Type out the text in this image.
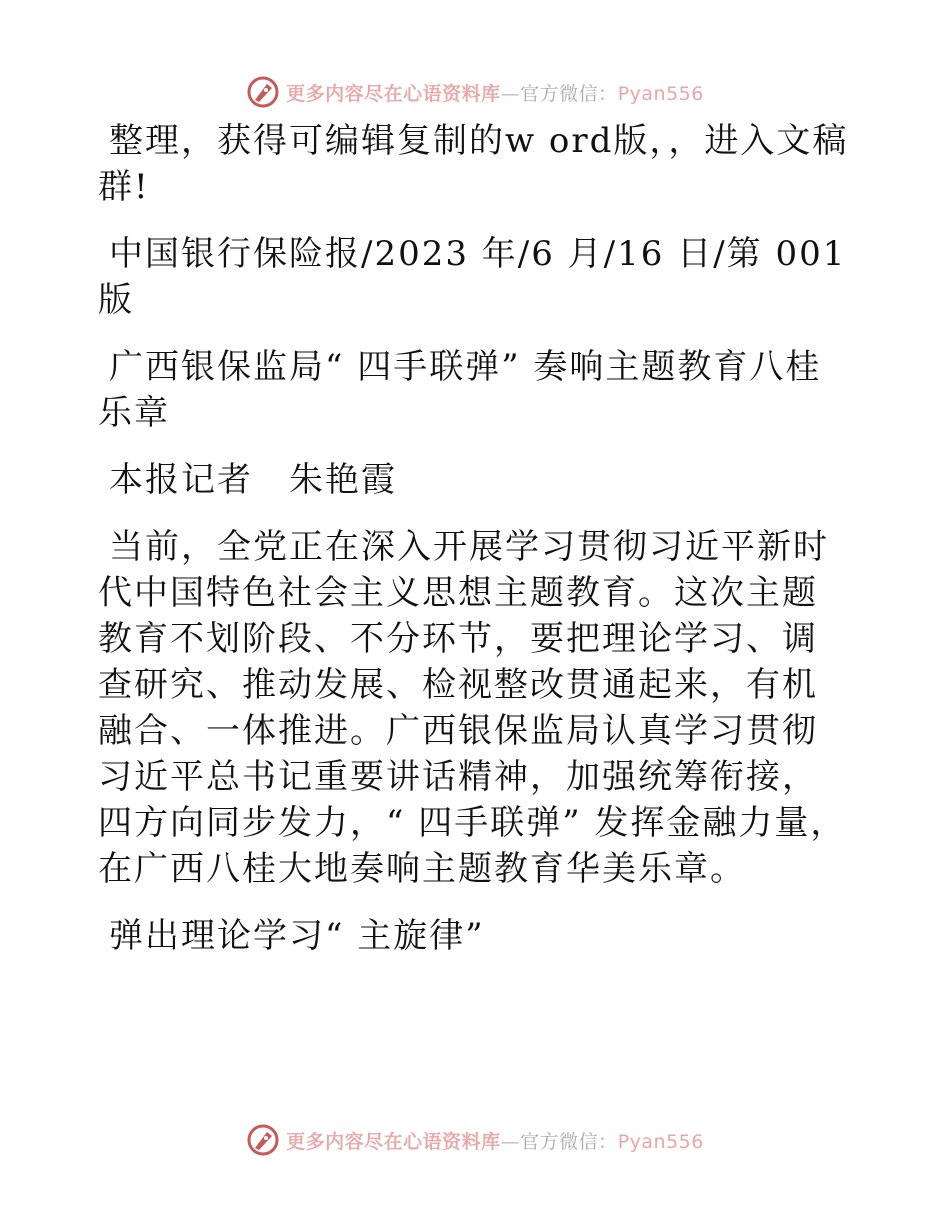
更多内容尽在心语资料库—官方微信：Pyan556

整理，获得可编辑复制的w ord版，，进入文稿群!

中国银行保险报/2023 年/6 月/16 日/第 001 版

广西银保监局“ 四手联弹” 奏响主题教育八桂乐章

本报记者　朱艳霞

当前，全党正在深入开展学习贯彻习近平新时代中国特色社会主义思想主题教育。这次主题教育不划阶段、不分环节，要把理论学习、调查研究、推动发展、检视整改贯通起来，有机融合、一体推进。广西银保监局认真学习贯彻习近平总书记重要讲话精神，加强统筹衔接，四方向同步发力，“ 四手联弹” 发挥金融力量，在广西八桂大地奏响主题教育华美乐章。

弹出理论学习“ 主旋律”

更多内容尽在心语资料库—官方微信：Pyan556
